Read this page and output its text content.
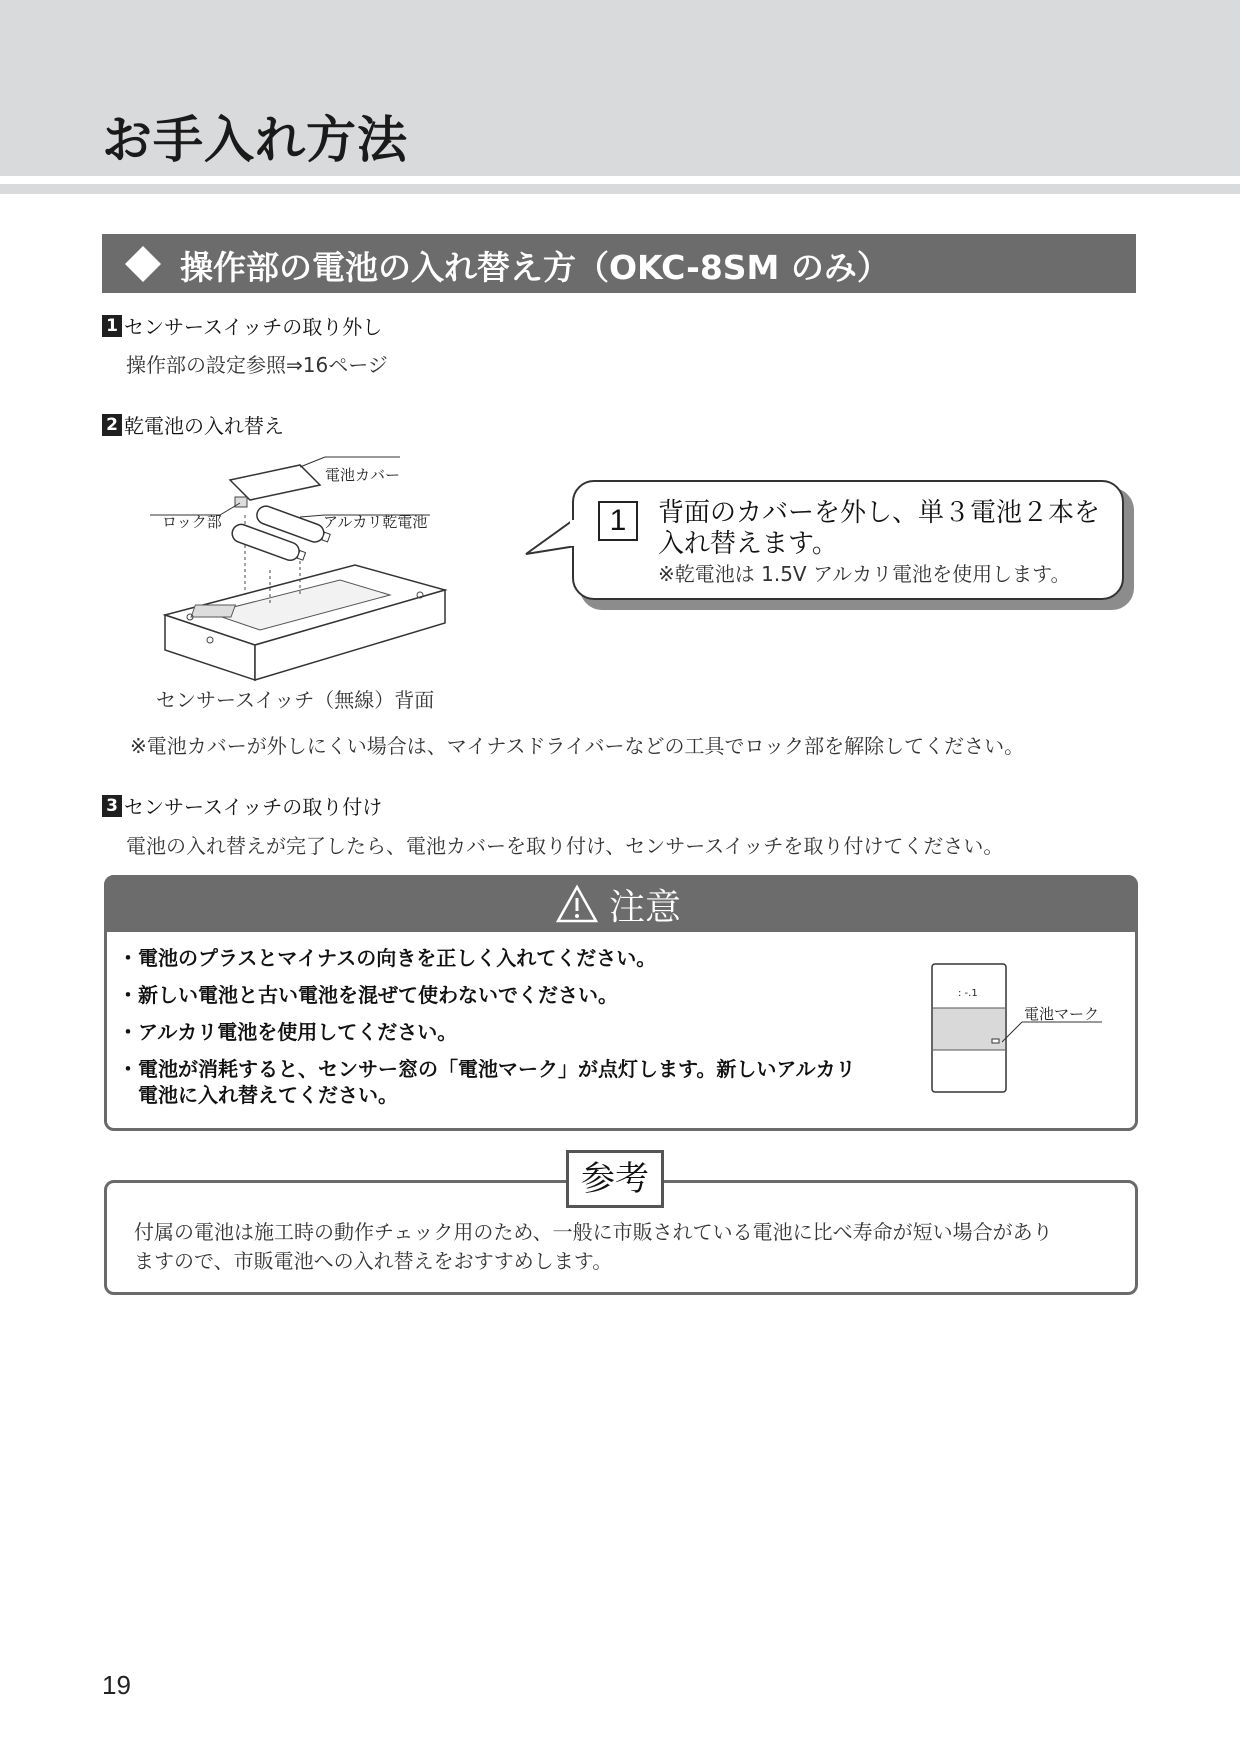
お手入れ方法
操作部の電池の入れ替え方（OKC-8SM のみ）
1 センサースイッチの取り外し
操作部の設定参照⇒16ページ
2 乾電池の入れ替え
電池カバー
ロック部	アルカリ乾電池
センサースイッチ（無線）背面
1	背面のカバーを外し、単３電池２本を
入れ替えます。
※乾電池は 1.5V アルカリ電池を使用します。
※電池カバーが外しにくい場合は、マイナスドライバーなどの工具でロック部を解除してください。
3 センサースイッチの取り付け
電池の入れ替えが完了したら、電池カバーを取り付け、センサースイッチを取り付けてください。
注意
・電池のプラスとマイナスの向きを正しく入れてください。
・新しい電池と古い電池を混ぜて使わないでください。
・アルカリ電池を使用してください。
・電池が消耗すると、センサー窓の「電池マーク」が点灯します。新しいアルカリ
　電池に入れ替えてください。
: -.1
電池マーク
参考
付属の電池は施工時の動作チェック用のため、一般に市販されている電池に比べ寿命が短い場合があり
ますので、市販電池への入れ替えをおすすめします。
19
